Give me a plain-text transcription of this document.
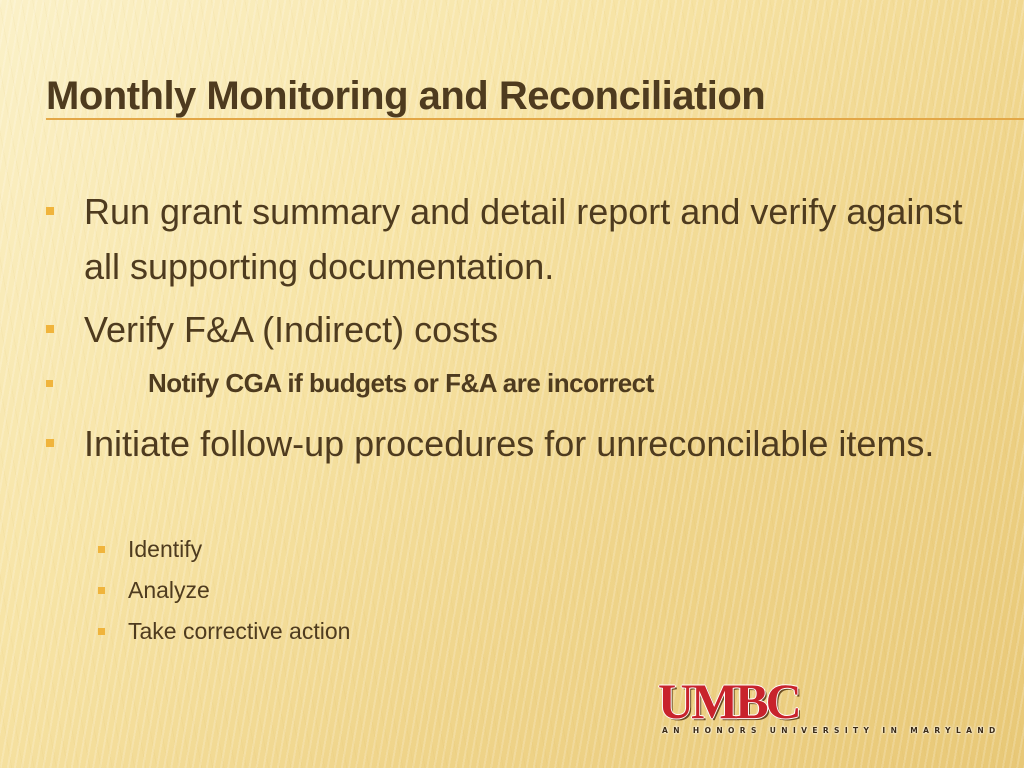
Monthly Monitoring and Reconciliation
Run grant summary and detail report and verify against all supporting documentation.
Verify F&A (Indirect) costs
Notify CGA if budgets or F&A are incorrect
Initiate follow-up procedures for unreconcilable items.
Identify
Analyze
Take corrective action
UMBC
AN HONORS UNIVERSITY IN MARYLAND
